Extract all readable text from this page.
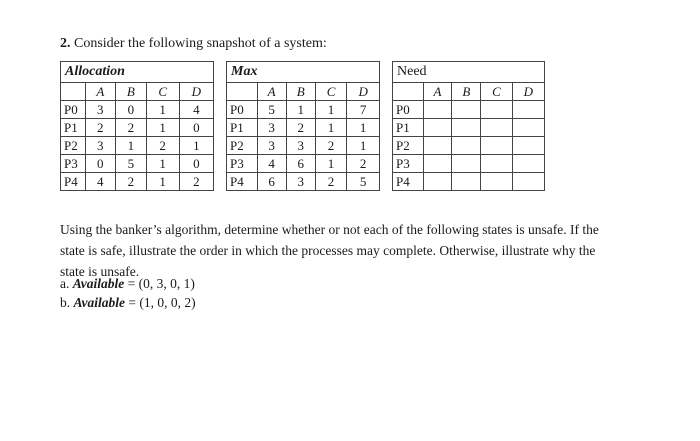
2. Consider the following snapshot of a system:
Allocation
	A	B	C	D
P0	3	0	1	4
P1	2	2	1	0
P2	3	1	2	1
P3	0	5	1	0
P4	4	2	1	2
Max
	A	B	C	D
P0	5	1	1	7
P1	3	2	1	1
P2	3	3	2	1
P3	4	6	1	2
P4	6	3	2	5
Need
	A	B	C	D
P0				
P1				
P2				
P3				
P4				
Using the banker’s algorithm, determine whether or not each of the following states is unsafe. If the
state is safe, illustrate the order in which the processes may complete. Otherwise, illustrate why the
state is unsafe.
a. Available = (0, 3, 0, 1)
b. Available = (1, 0, 0, 2)
